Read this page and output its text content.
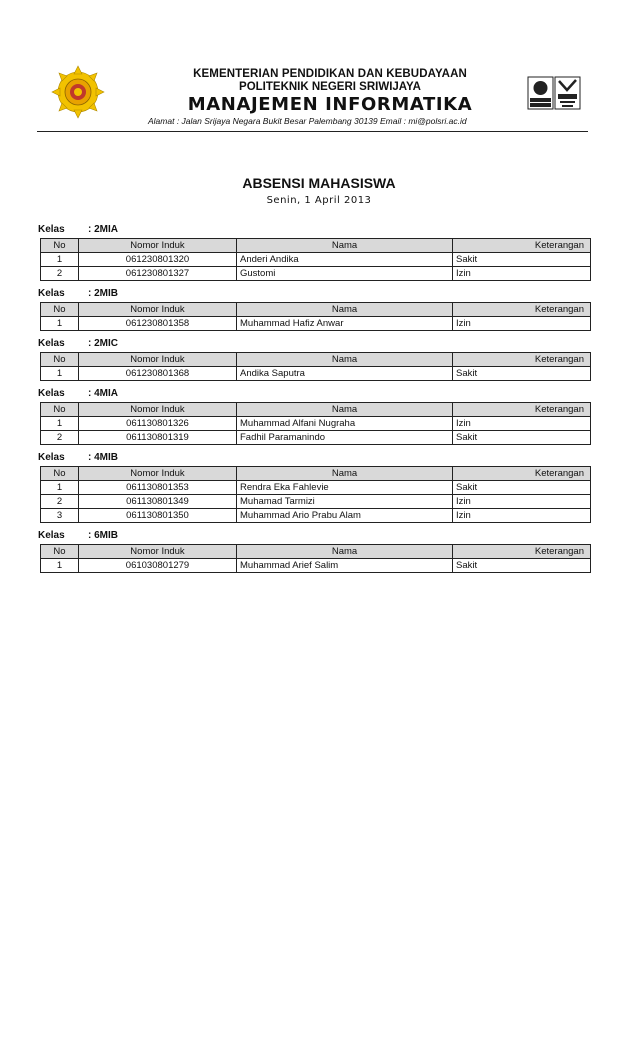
KEMENTERIAN PENDIDIKAN DAN KEBUDAYAAN
POLITEKNIK NEGERI SRIWIJAYA
MANAJEMEN INFORMATIKA
Alamat : Jalan Srijaya Negara Bukit Besar Palembang 30139 Email : mi@polsri.ac.id
ABSENSI MAHASISWA
Senin, 1 April 2013
Kelas	: 2MIA
No	Nomor Induk	Nama	Keterangan
1	061230801320	Anderi Andika	Sakit
2	061230801327	Gustomi	Izin
Kelas	: 2MIB
No	Nomor Induk	Nama	Keterangan
1	061230801358	Muhammad Hafiz Anwar	Izin
Kelas	: 2MIC
No	Nomor Induk	Nama	Keterangan
1	061230801368	Andika Saputra	Sakit
Kelas	: 4MIA
No	Nomor Induk	Nama	Keterangan
1	061130801326	Muhammad Alfani Nugraha	Izin
2	061130801319	Fadhil Paramanindo	Sakit
Kelas	: 4MIB
No	Nomor Induk	Nama	Keterangan
1	061130801353	Rendra Eka Fahlevie	Sakit
2	061130801349	Muhamad Tarmizi	Izin
3	061130801350	Muhammad Ario Prabu Alam	Izin
Kelas	: 6MIB
No	Nomor Induk	Nama	Keterangan
1	061030801279	Muhammad Arief Salim	Sakit
